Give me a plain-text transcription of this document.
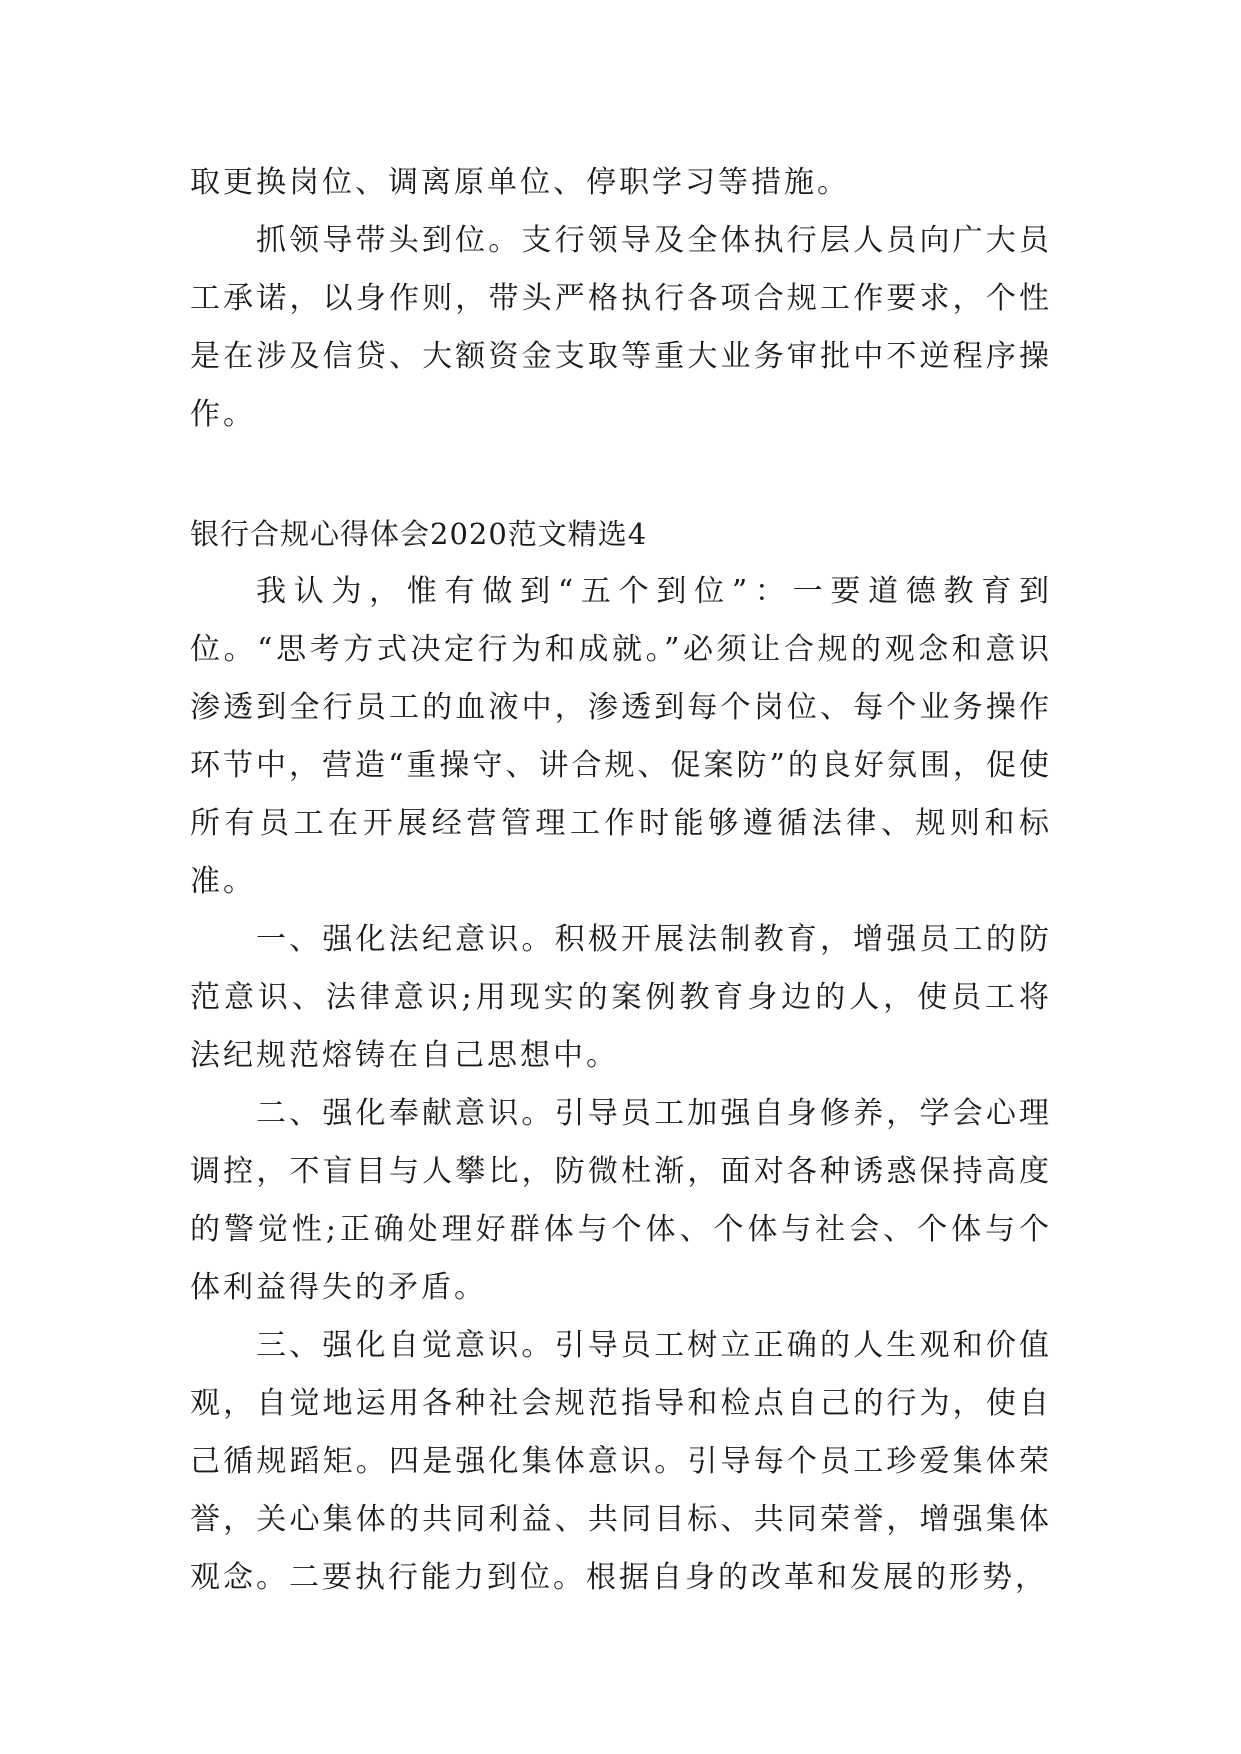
取更换岗位、调离原单位、停职学习等措施。

抓领导带头到位。支行领导及全体执行层人员向广大员工承诺，以身作则，带头严格执行各项合规工作要求，个性是在涉及信贷、大额资金支取等重大业务审批中不逆程序操作。

银行合规心得体会2020范文精选4

我认为，惟有做到“五个到位”：一要道德教育到位。“思考方式决定行为和成就。”必须让合规的观念和意识渗透到全行员工的血液中，渗透到每个岗位、每个业务操作环节中，营造“重操守、讲合规、促案防”的良好氛围，促使所有员工在开展经营管理工作时能够遵循法律、规则和标准。

一、强化法纪意识。积极开展法制教育，增强员工的防范意识、法律意识;用现实的案例教育身边的人，使员工将法纪规范熔铸在自己思想中。

二、强化奉献意识。引导员工加强自身修养，学会心理调控，不盲目与人攀比，防微杜渐，面对各种诱惑保持高度的警觉性;正确处理好群体与个体、个体与社会、个体与个体利益得失的矛盾。

三、强化自觉意识。引导员工树立正确的人生观和价值观，自觉地运用各种社会规范指导和检点自己的行为，使自己循规蹈矩。四是强化集体意识。引导每个员工珍爱集体荣誉，关心集体的共同利益、共同目标、共同荣誉，增强集体观念。二要执行能力到位。根据自身的改革和发展的形势，
